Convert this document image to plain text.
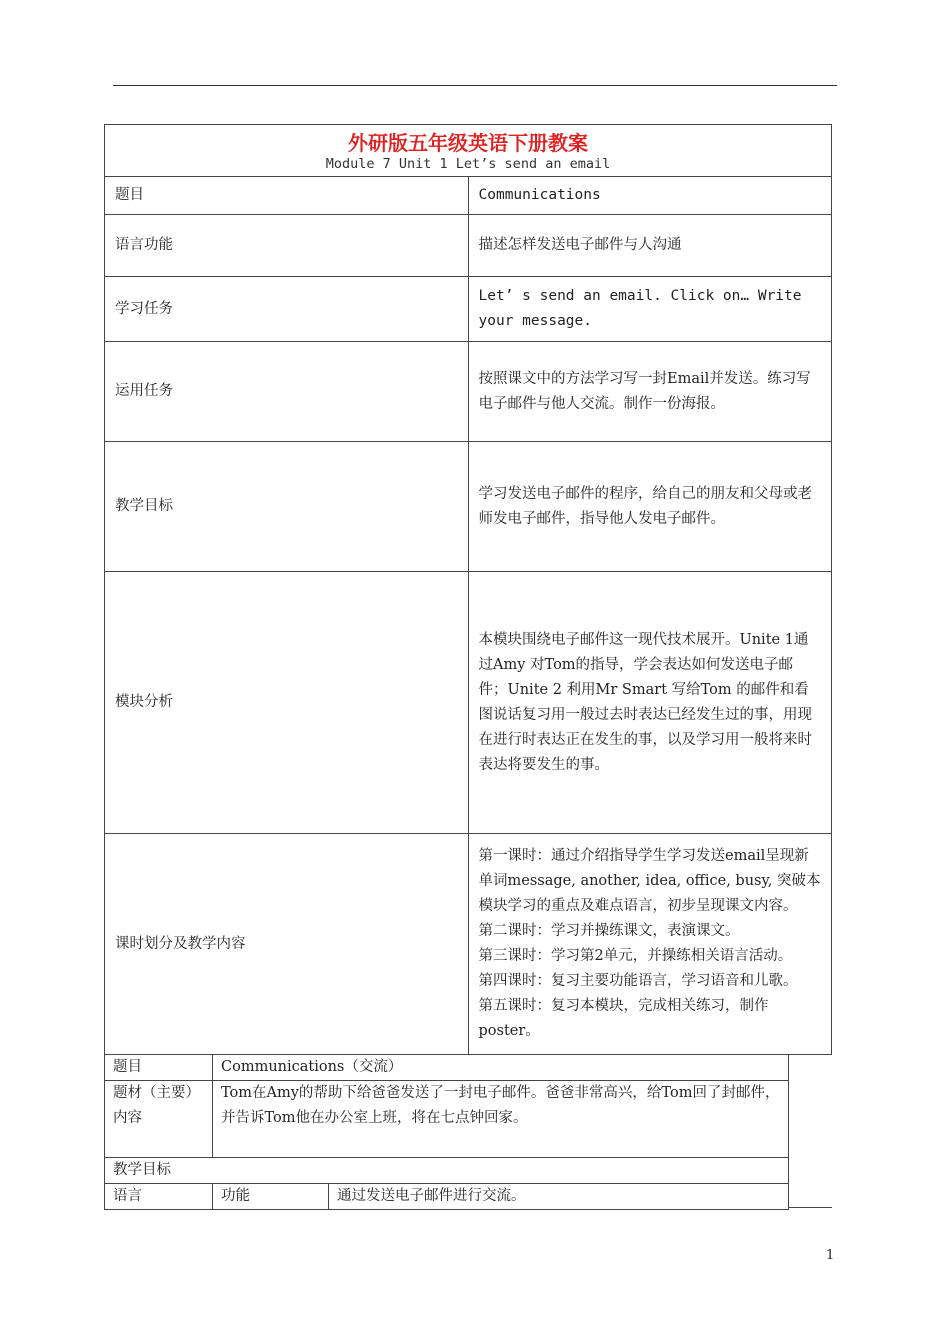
外研版五年级英语下册教案
Module 7 Unit 1 Let’s send an email	

题目	Communications
语言功能	描述怎样发送电子邮件与人沟通
学习任务	Let’ s send an email. Click on… Write your message.
运用任务	按照课文中的方法学习写一封Email并发送。练习写电子邮件与他人交流。制作一份海报。
教学目标	学习发送电子邮件的程序，给自己的朋友和父母或老师发电子邮件，指导他人发电子邮件。
模块分析	本模块围绕电子邮件这一现代技术展开。Unite 1通过Amy 对Tom的指导，学会表达如何发送电子邮件；Unite 2 利用Mr Smart 写给Tom 的邮件和看图说话复习用一般过去时表达已经发生过的事，用现在进行时表达正在发生的事，以及学习用一般将来时表达将要发生的事。
课时划分及教学内容	第一课时：通过介绍指导学生学习发送email呈现新单词message, another, idea, office, busy, 突破本模块学习的重点及难点语言，初步呈现课文内容。
第二课时：学习并操练课文，表演课文。
第三课时：学习第2单元，并操练相关语言活动。
第四课时：复习主要功能语言，学习语音和儿歌。
第五课时：复习本模块，完成相关练习，制作poster。
题目	Communications（交流）	
题材（主要）内容	Tom在Amy的帮助下给爸爸发送了一封电子邮件。爸爸非常高兴，给Tom回了封邮件，并告诉Tom他在办公室上班，将在七点钟回家。	
教学目标		
语言	功能	通过发送电子邮件进行交流。
1
